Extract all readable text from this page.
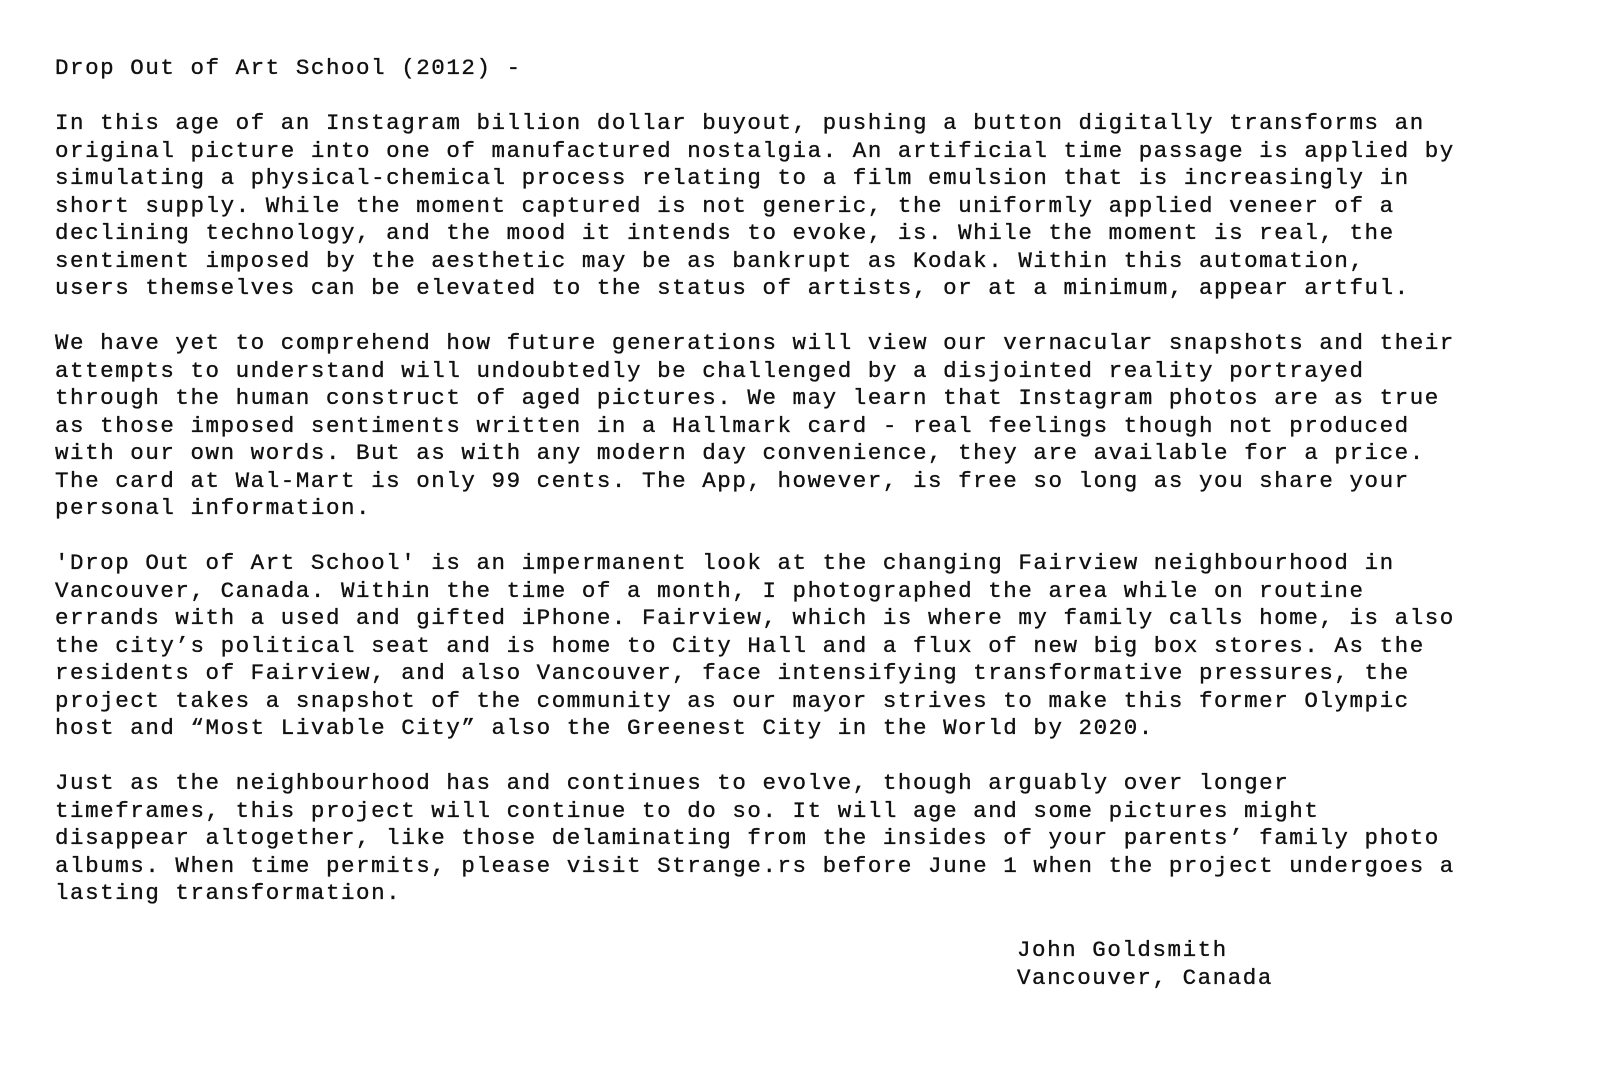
Drop Out of Art School (2012) -
In this age of an Instagram billion dollar buyout, pushing a button digitally transforms an
original picture into one of manufactured nostalgia. An artificial time passage is applied by
simulating a physical-chemical process relating to a film emulsion that is increasingly in
short supply. While the moment captured is not generic, the uniformly applied veneer of a
declining technology, and the mood it intends to evoke, is. While the moment is real, the
sentiment imposed by the aesthetic may be as bankrupt as Kodak. Within this automation,
users themselves can be elevated to the status of artists, or at a minimum, appear artful.
We have yet to comprehend how future generations will view our vernacular snapshots and their
attempts to understand will undoubtedly be challenged by a disjointed reality portrayed
through the human construct of aged pictures. We may learn that Instagram photos are as true
as those imposed sentiments written in a Hallmark card - real feelings though not produced
with our own words. But as with any modern day convenience, they are available for a price.
The card at Wal-Mart is only 99 cents. The App, however, is free so long as you share your
personal information.
'Drop Out of Art School' is an impermanent look at the changing Fairview neighbourhood in
Vancouver, Canada. Within the time of a month, I photographed the area while on routine
errands with a used and gifted iPhone. Fairview, which is where my family calls home, is also
the city’s political seat and is home to City Hall and a flux of new big box stores. As the
residents of Fairview, and also Vancouver, face intensifying transformative pressures, the
project takes a snapshot of the community as our mayor strives to make this former Olympic
host and “Most Livable City” also the Greenest City in the World by 2020.
Just as the neighbourhood has and continues to evolve, though arguably over longer
timeframes, this project will continue to do so. It will age and some pictures might
disappear altogether, like those delaminating from the insides of your parents’ family photo
albums. When time permits, please visit Strange.rs before June 1 when the project undergoes a
lasting transformation.
John Goldsmith
Vancouver, Canada
